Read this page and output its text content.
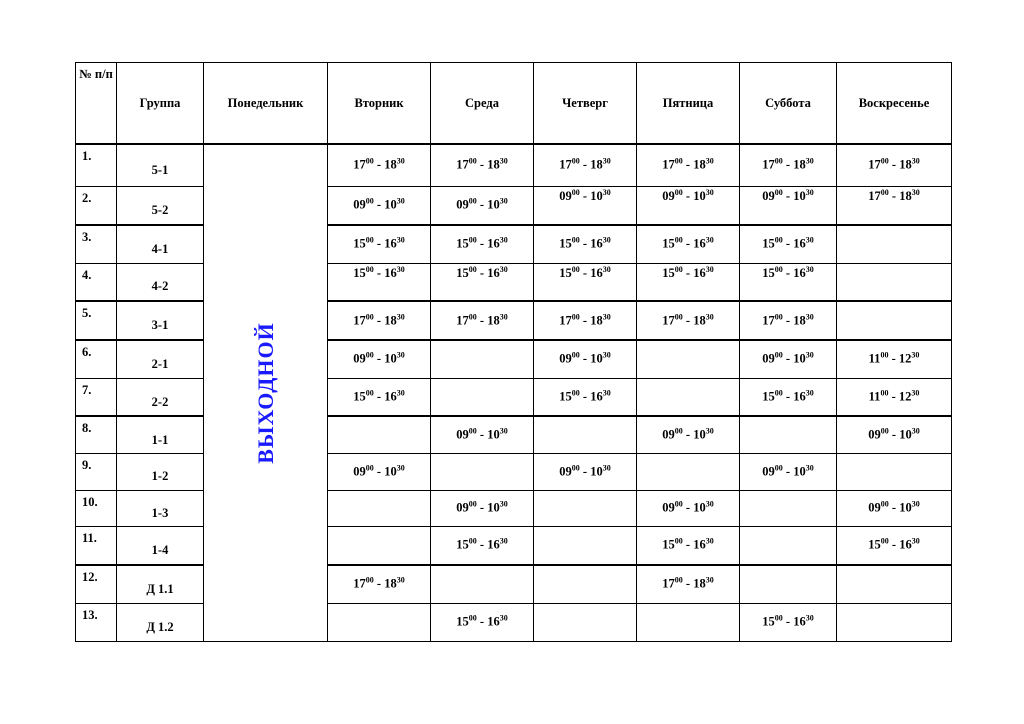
№ п/п	Группа	Понедельник	Вторник	Среда	Четверг	Пятница	Суббота	Воскресенье
1.	5-1	ВЫХОДНОЙ	$17^{00} - 18^{30}$	$17^{00} - 18^{30}$	$17^{00} - 18^{30}$	$17^{00} - 18^{30}$	$17^{00} - 18^{30}$	$17^{00} - 18^{30}$

2.	5-2		$09^{00} - 10^{30}$	$09^{00} - 10^{30}$	$09^{00} - 10^{30}$	$09^{00} - 10^{30}$	$09^{00} - 10^{30}$	$17^{00} - 18^{30}$

3.	4-1		$15^{00} - 16^{30}$	$15^{00} - 16^{30}$	$15^{00} - 16^{30}$	$15^{00} - 16^{30}$	$15^{00} - 16^{30}$

4.	4-2		$15^{00} - 16^{30}$	$15^{00} - 16^{30}$	$15^{00} - 16^{30}$	$15^{00} - 16^{30}$	$15^{00} - 16^{30}$

5.	3-1		$17^{00} - 18^{30}$	$17^{00} - 18^{30}$	$17^{00} - 18^{30}$	$17^{00} - 18^{30}$	$17^{00} - 18^{30}$

6.	2-1		$09^{00} - 10^{30}$		$09^{00} - 10^{30}$		$09^{00} - 10^{30}$	$11^{00} - 12^{30}$

7.	2-2		$15^{00} - 16^{30}$		$15^{00} - 16^{30}$		$15^{00} - 16^{30}$	$11^{00} - 12^{30}$

8.	1-1			$09^{00} - 10^{30}$		$09^{00} - 10^{30}$		$09^{00} - 10^{30}$

9.	1-2		$09^{00} - 10^{30}$		$09^{00} - 10^{30}$		$09^{00} - 10^{30}$

10.	1-3			$09^{00} - 10^{30}$		$09^{00} - 10^{30}$		$09^{00} - 10^{30}$

11.	1-4			$15^{00} - 16^{30}$		$15^{00} - 16^{30}$		$15^{00} - 16^{30}$

12.	Д 1.1		$17^{00} - 18^{30}$			$17^{00} - 18^{30}$

13.	Д 1.2			$15^{00} - 16^{30}$			$15^{00} - 16^{30}$
